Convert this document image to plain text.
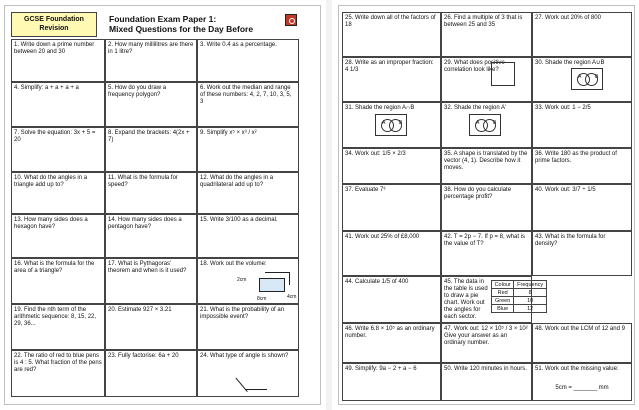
GCSE Foundation
Revision
Foundation Exam Paper 1:
Mixed Questions for the Day Before
1. Write down a prime number between 20 and 30
2. How many millilitres are there in 1 litre?
3. Write 0.4 as a percentage.
4. Simplify: a + a + a + a	5. How do you draw a frequency polygon?
6. Work out the median and range of these numbers: 4, 2, 7, 10, 3, 5, 3
7. Solve the equation: 3x + 5 = 20
8. Expand the brackets: 4(2x + 7)
9. Simplify x⁵ × x³ / x²
10. What do the angles in a triangle add up to?
11. What is the formula for speed?
12. What do the angles in a quadrilateral add up to?
13. How many sides does a hexagon have?
14. How many sides does a pentagon have?
15. Write 3/100 as a decimal.
16. What is the formula for the area of a triangle?
17. What is Pythagoras' theorem and when is it used?
18. Work out the volume:
2cm
8cm	4cm
19. Find the nth term of the arithmetic sequence: 8, 15, 22, 29, 36...
20. Estimate 927 × 3.21	21. What is the probability of an impossible event?
22. The ratio of red to blue pens is 4 : 5. What fraction of the pens are red?
23. Fully factorise: 6a + 20	24. What type of angle is shown?
25. Write down all of the factors of 18
26. Find a multiple of 3 that is between 25 and 35
27. Work out 20% of 800
28. Write as an improper fraction: 4 1/3
29. What does positive correlation look like?
30. Shade the region A∪B
A	B
31. Shade the region A∩B
A	B
32. Shade the region A'
A	B
33. Work out: 1 − 2/5
34. Work out: 1/5 × 2/3	35. A shape is translated by the vector (4, 1). Describe how it moves.
36. Write 180 as the product of prime factors.
37. Evaluate 7³	38. How do you calculate percentage profit?
40. Work out: 3/7 ÷ 1/5
41. Work out 25% of £8,000	42. T = 2p − 7. If p = 8, what is the value of T?
43. What is the formula for density?
44. Calculate 1/5 of 400	45. The data in the table is used to draw a pie chart. Work out the angles for each sector.
Colour	Frequency
Red	8
Green	10
Blue	12
46. Write 6.8 × 10⁵ as an ordinary number.
47. Work out: 12 × 10⁵ / 3 × 10² Give your answer as an ordinary number.
48. Work out the LCM of 12 and 9
49. Simplify: 9a − 2 + a − 6	50. Write 120 minutes in hours.	51. Work out the missing value:
5cm = _______ mm
